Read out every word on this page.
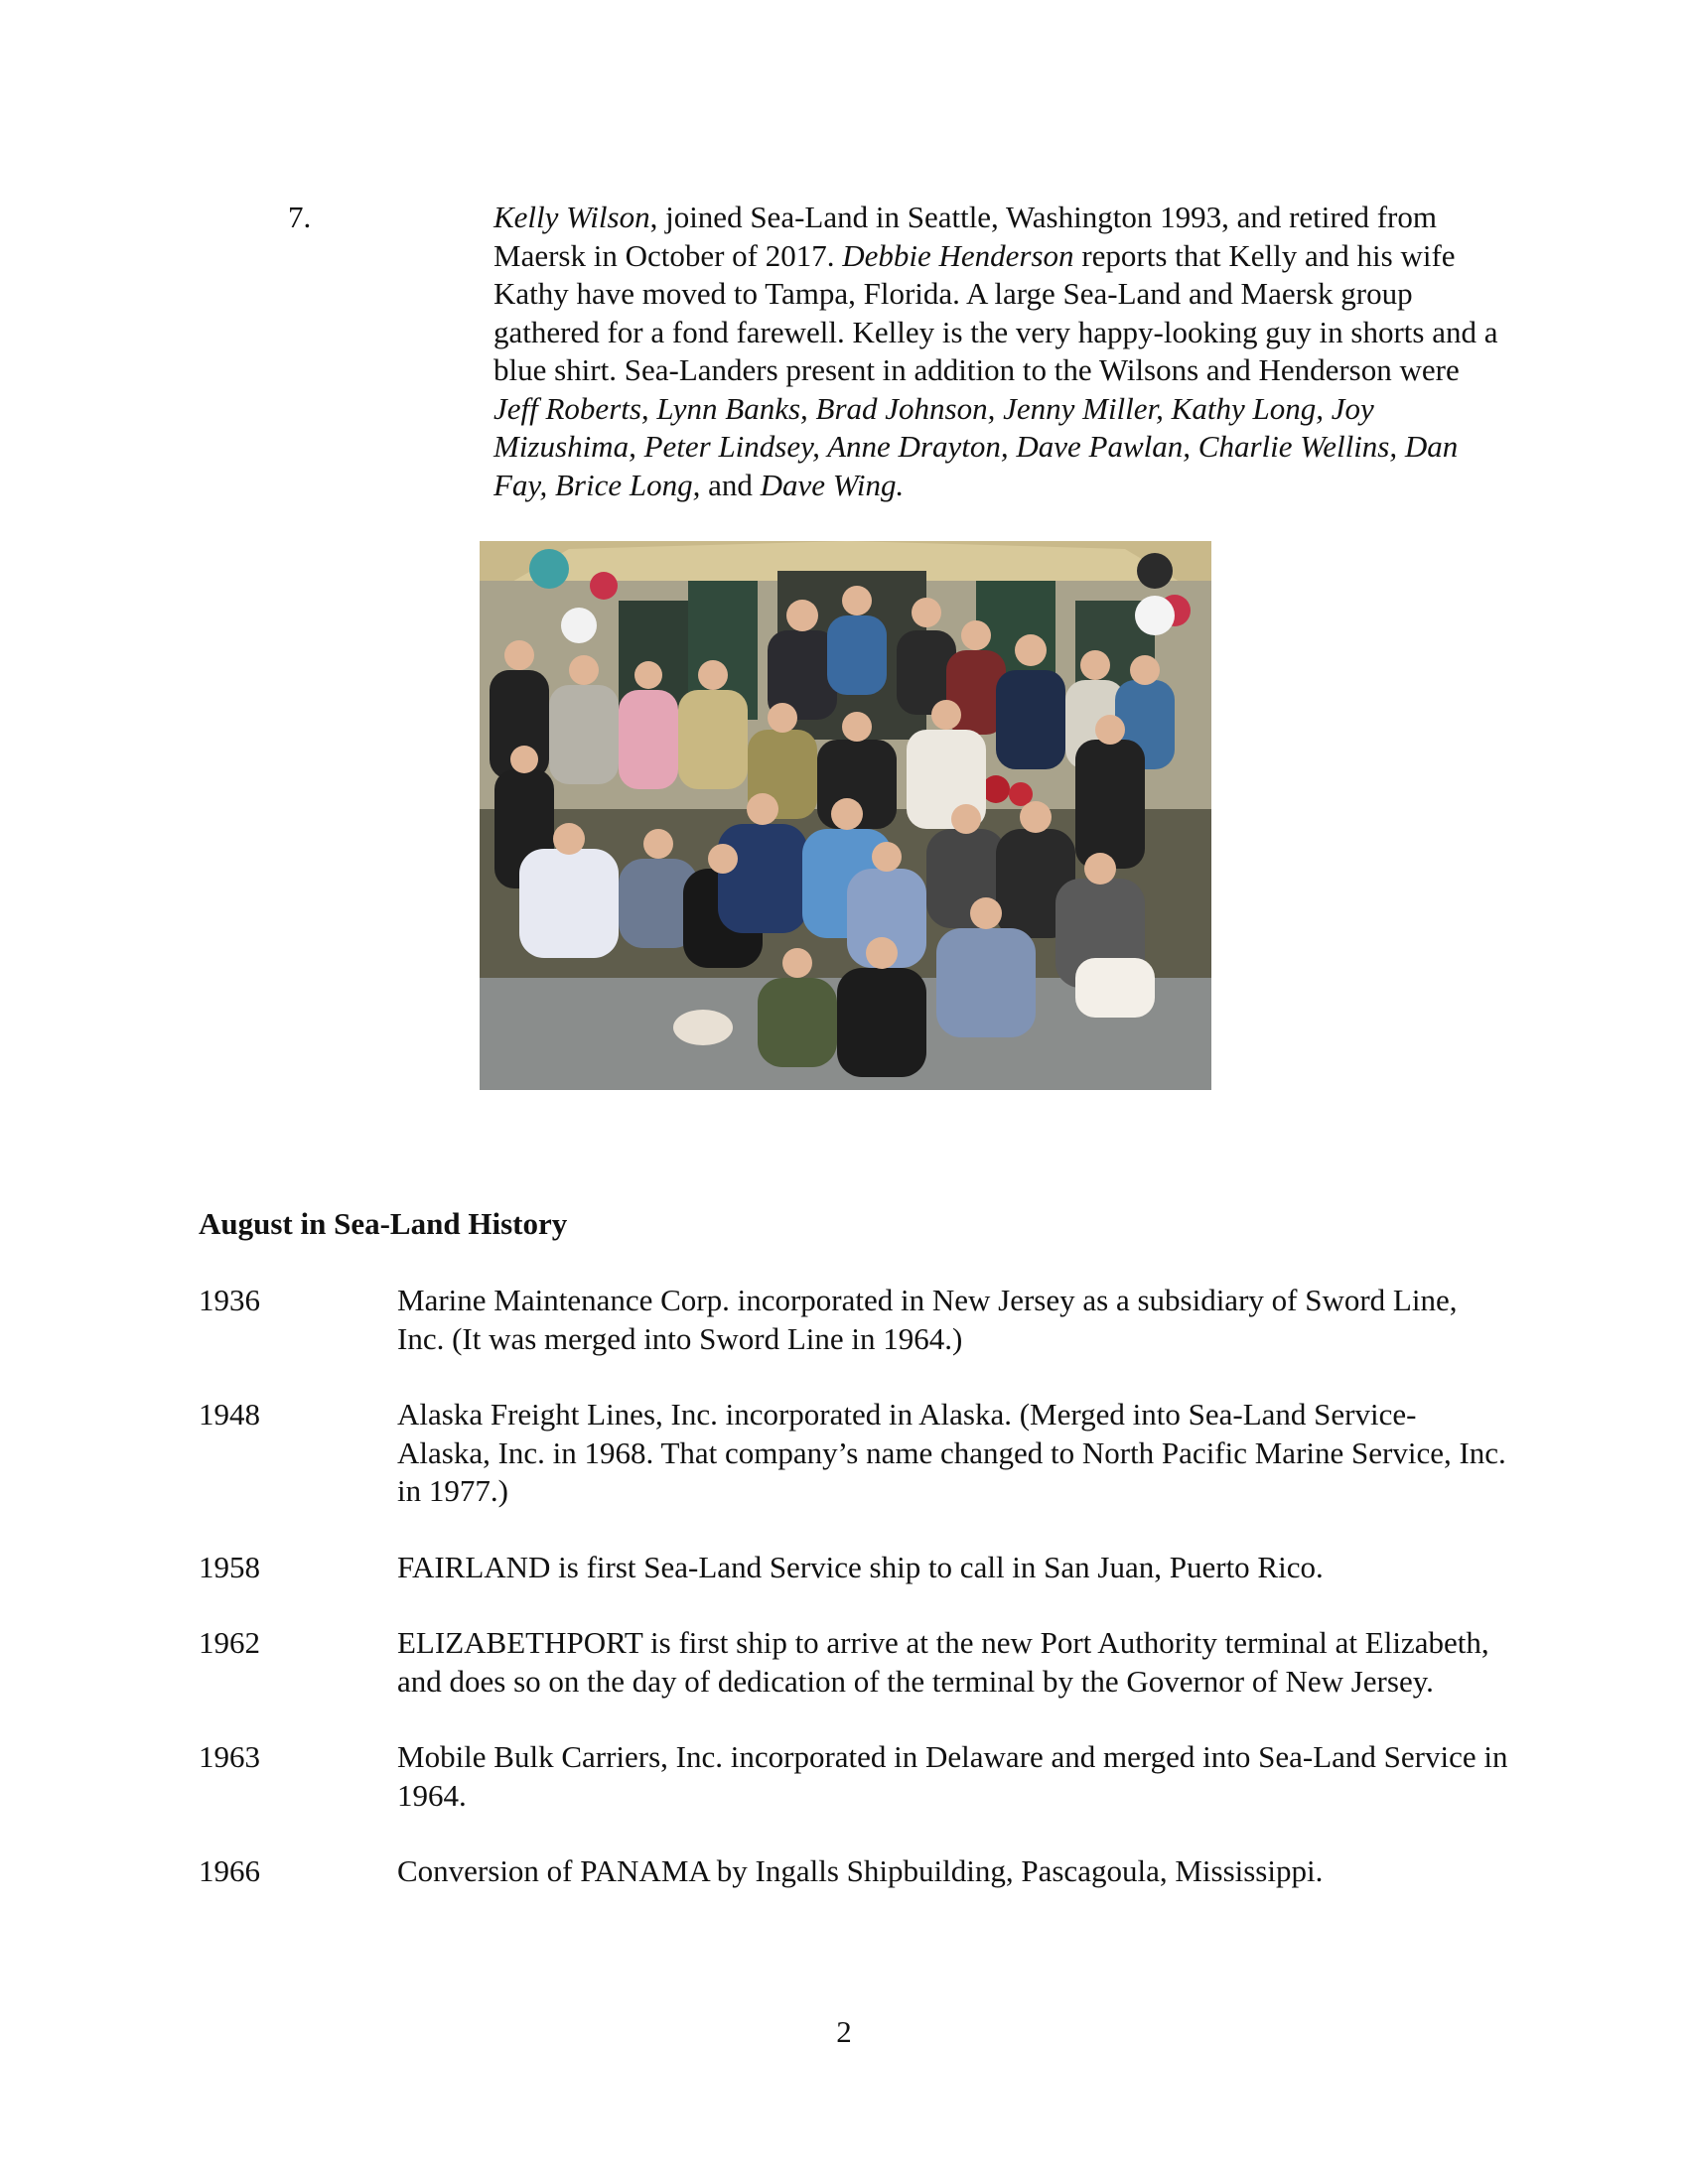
7.	Kelly Wilson, joined Sea-Land in Seattle, Washington 1993, and retired from Maersk in October of 2017. Debbie Henderson reports that Kelly and his wife Kathy have moved to Tampa, Florida. A large Sea-Land and Maersk group gathered for a fond farewell. Kelley is the very happy-looking guy in shorts and a blue shirt. Sea-Landers present in addition to the Wilsons and Henderson were Jeff Roberts, Lynn Banks, Brad Johnson, Jenny Miller, Kathy Long, Joy Mizushima, Peter Lindsey, Anne Drayton, Dave Pawlan, Charlie Wellins, Dan Fay, Brice Long, and Dave Wing.

August in Sea-Land History
1936	Marine Maintenance Corp. incorporated in New Jersey as a subsidiary of Sword Line, Inc. (It was merged into Sword Line in 1964.)
1948	Alaska Freight Lines, Inc. incorporated in Alaska. (Merged into Sea-Land Service-Alaska, Inc. in 1968. That company’s name changed to North Pacific Marine Service, Inc. in 1977.)
1958	FAIRLAND is first Sea-Land Service ship to call in San Juan, Puerto Rico.
1962	ELIZABETHPORT is first ship to arrive at the new Port Authority terminal at Elizabeth, and does so on the day of dedication of the terminal by the Governor of New Jersey.
1963	Mobile Bulk Carriers, Inc. incorporated in Delaware and merged into Sea-Land Service in 1964.
1966	Conversion of PANAMA by Ingalls Shipbuilding, Pascagoula, Mississippi.
2
